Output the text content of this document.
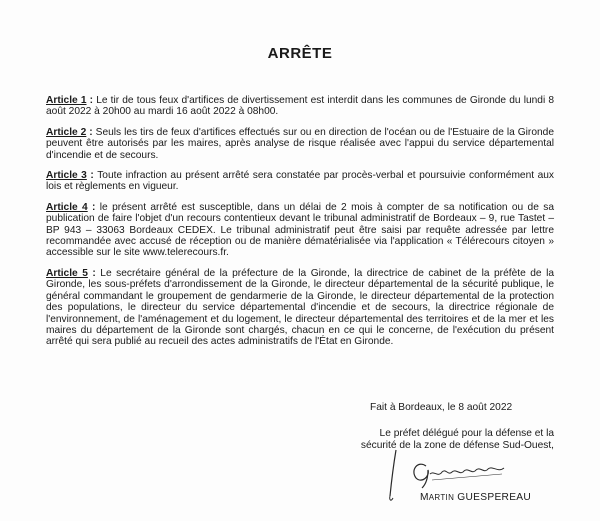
ARRÊTE

Article 1 : Le tir de tous feux d'artifices de divertissement est interdit dans les communes de Gironde du lundi 8 août 2022 à 20h00 au mardi 16 août 2022 à 08h00.

Article 2 : Seuls les tirs de feux d'artifices effectués sur ou en direction de l'océan ou de l'Estuaire de la Gironde peuvent être autorisés par les maires, après analyse de risque réalisée avec l'appui du service départemental d'incendie et de secours.

Article 3 : Toute infraction au présent arrêté sera constatée par procès-verbal et poursuivie conformément aux lois et règlements en vigueur.

Article 4 : le présent arrêté est susceptible, dans un délai de 2 mois à compter de sa notification ou de sa publication de faire l'objet d'un recours contentieux devant le tribunal administratif de Bordeaux – 9, rue Tastet – BP 943 – 33063 Bordeaux CEDEX. Le tribunal administratif peut être saisi par requête adressée par lettre recommandée avec accusé de réception ou de manière dématérialisée via l'application « Télérecours citoyen » accessible sur le site www.telerecours.fr.

Article 5 : Le secrétaire général de la préfecture de la Gironde, la directrice de cabinet de la préfète de la Gironde, les sous-préfets d'arrondissement de la Gironde, le directeur départemental de la sécurité publique, le général commandant le groupement de gendarmerie de la Gironde, le directeur départemental de la protection des populations, le directeur du service départemental d'incendie et de secours, la directrice régionale de l'environnement, de l'aménagement et du logement, le directeur départemental des territoires et de la mer et les maires du département de la Gironde sont chargés, chacun en ce qui le concerne, de l'exécution du présent arrêté qui sera publié au recueil des actes administratifs de l'État en Gironde.

Fait à Bordeaux, le 8 août 2022
Le préfet délégué pour la défense et la
sécurité de la zone de défense Sud-Ouest,
MARTIN GUESPEREAU
